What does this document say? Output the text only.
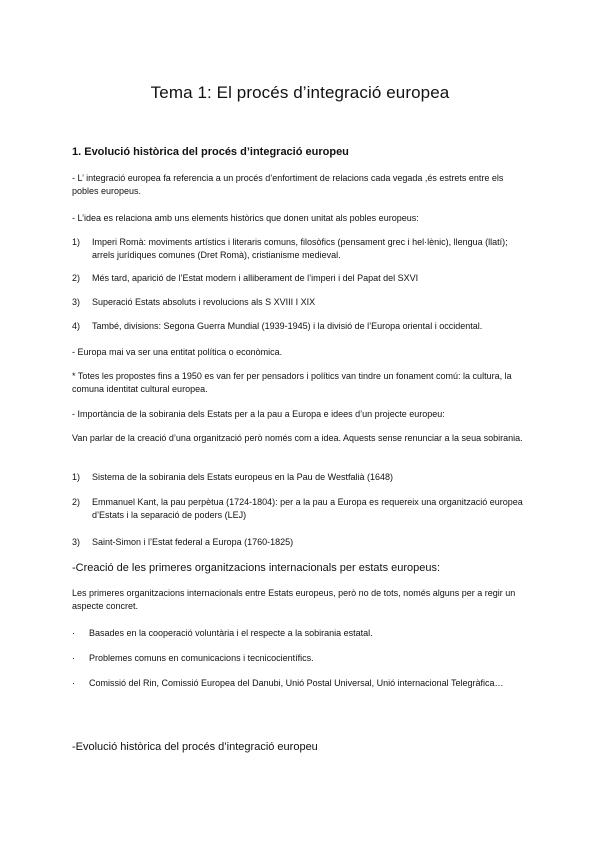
Tema 1: El procés d’integració europea
1. Evolució històrica del procés d’integració europeu
- L’ integració europea fa referencia a un procés d’enfortiment de relacions cada vegada ,és estrets entre els pobles europeus.
- L’idea es relaciona amb uns elements històrics que donen unitat als pobles europeus:
1) Imperi Romà: moviments artístics i literaris comuns, filosòfics (pensament grec i hel·lènic), llengua (llatí); arrels jurídiques comunes (Dret Romà), cristianisme medieval.
2) Més tard, aparició de l’Estat modern i alliberament de l’imperi i del Papat del SXVI
3) Superació Estats absoluts i revolucions als S XVIII I XIX
4) També, divisions: Segona Guerra Mundial (1939-1945) i la divisió de l’Europa oriental i occidental.
- Europa mai va ser una entitat política o econòmica.
* Totes les propostes fins a 1950 es van fer per pensadors i polítics van tindre un fonament comú: la cultura, la comuna identitat cultural europea.
- Importància de la sobirania dels Estats per a la pau a Europa e idees d’un projecte europeu:
Van parlar de la creació d’una organització però només com a idea. Aquests sense renunciar a la seua sobirania.
1) Sistema de la sobirania dels Estats europeus en la Pau de Westfalià (1648)
2) Emmanuel Kant, la pau perpètua (1724-1804): per a la pau a Europa es requereix una organització europea d’Estats i la separació de poders (LEJ)
3) Saint-Simon i l’Estat federal a Europa (1760-1825)
-Creació de les primeres organitzacions internacionals per estats europeus:
Les primeres organitzacions internacionals entre Estats europeus, però no de tots, només alguns per a regir un aspecte concret.
· Basades en la cooperació voluntària i el respecte a la sobirania estatal.
· Problemes comuns en comunicacions i tecnicocientífics.
· Comissió del Rin, Comissió Europea del Danubi, Unió Postal Universal, Unió internacional Telegràfica…
-Evolució històrica del procés d’integració europeu
